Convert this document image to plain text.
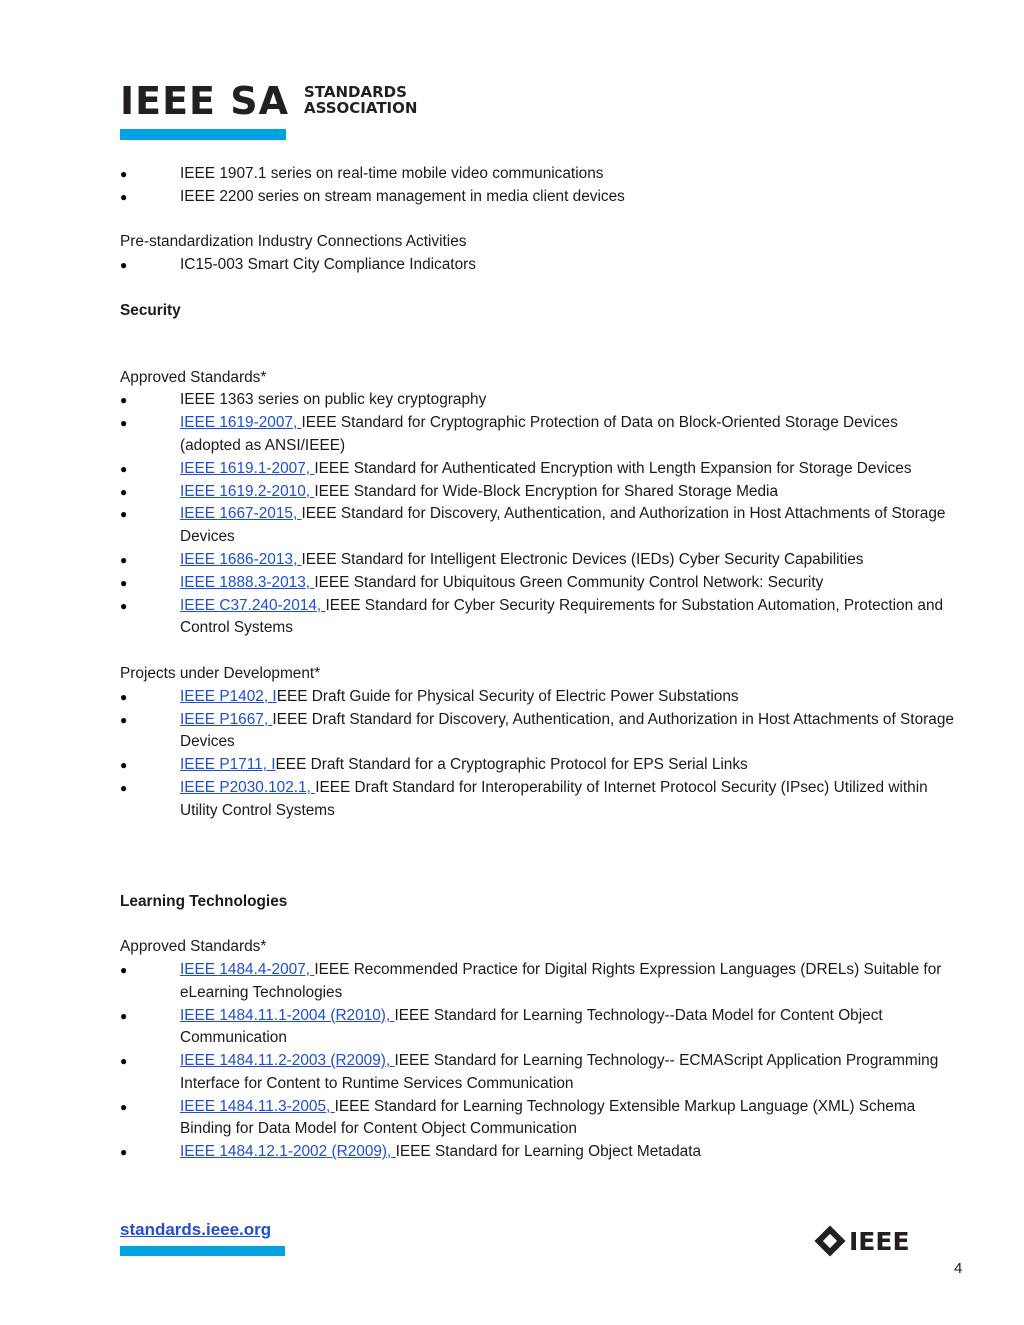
IEEE SA STANDARDS
ASSOCIATION

● IEEE 1907.1 series on real-time mobile video communications

● IEEE 2200 series on stream management in media client devices

Pre-standardization Industry Connections Activities

● IC15-003 Smart City Compliance Indicators

Security

Approved Standards*

● IEEE 1363 series on public key cryptography

● IEEE 1619-2007, IEEE Standard for Cryptographic Protection of Data on Block-Oriented Storage Devices (adopted as ANSI/IEEE)

● IEEE 1619.1-2007, IEEE Standard for Authenticated Encryption with Length Expansion for Storage Devices

● IEEE 1619.2-2010, IEEE Standard for Wide-Block Encryption for Shared Storage Media

● IEEE 1667-2015, IEEE Standard for Discovery, Authentication, and Authorization in Host Attachments of Storage Devices

● IEEE 1686-2013, IEEE Standard for Intelligent Electronic Devices (IEDs) Cyber Security Capabilities

● IEEE 1888.3-2013, IEEE Standard for Ubiquitous Green Community Control Network: Security

● IEEE C37.240-2014, IEEE Standard for Cyber Security Requirements for Substation Automation, Protection and Control Systems

Projects under Development*

● IEEE P1402, IEEE Draft Guide for Physical Security of Electric Power Substations

● IEEE P1667, IEEE Draft Standard for Discovery, Authentication, and Authorization in Host Attachments of Storage Devices

● IEEE P1711, IEEE Draft Standard for a Cryptographic Protocol for EPS Serial Links

● IEEE P2030.102.1, IEEE Draft Standard for Interoperability of Internet Protocol Security (IPsec) Utilized within Utility Control Systems

Learning Technologies

Approved Standards*

● IEEE 1484.4-2007, IEEE Recommended Practice for Digital Rights Expression Languages (DRELs) Suitable for eLearning Technologies

● IEEE 1484.11.1-2004 (R2010), IEEE Standard for Learning Technology--Data Model for Content Object Communication

● IEEE 1484.11.2-2003 (R2009), IEEE Standard for Learning Technology-- ECMAScript Application Programming Interface for Content to Runtime Services Communication

● IEEE 1484.11.3-2005, IEEE Standard for Learning Technology Extensible Markup Language (XML) Schema Binding for Data Model for Content Object Communication

● IEEE 1484.12.1-2002 (R2009), IEEE Standard for Learning Object Metadata

standards.ieee.org	IEEE
4
